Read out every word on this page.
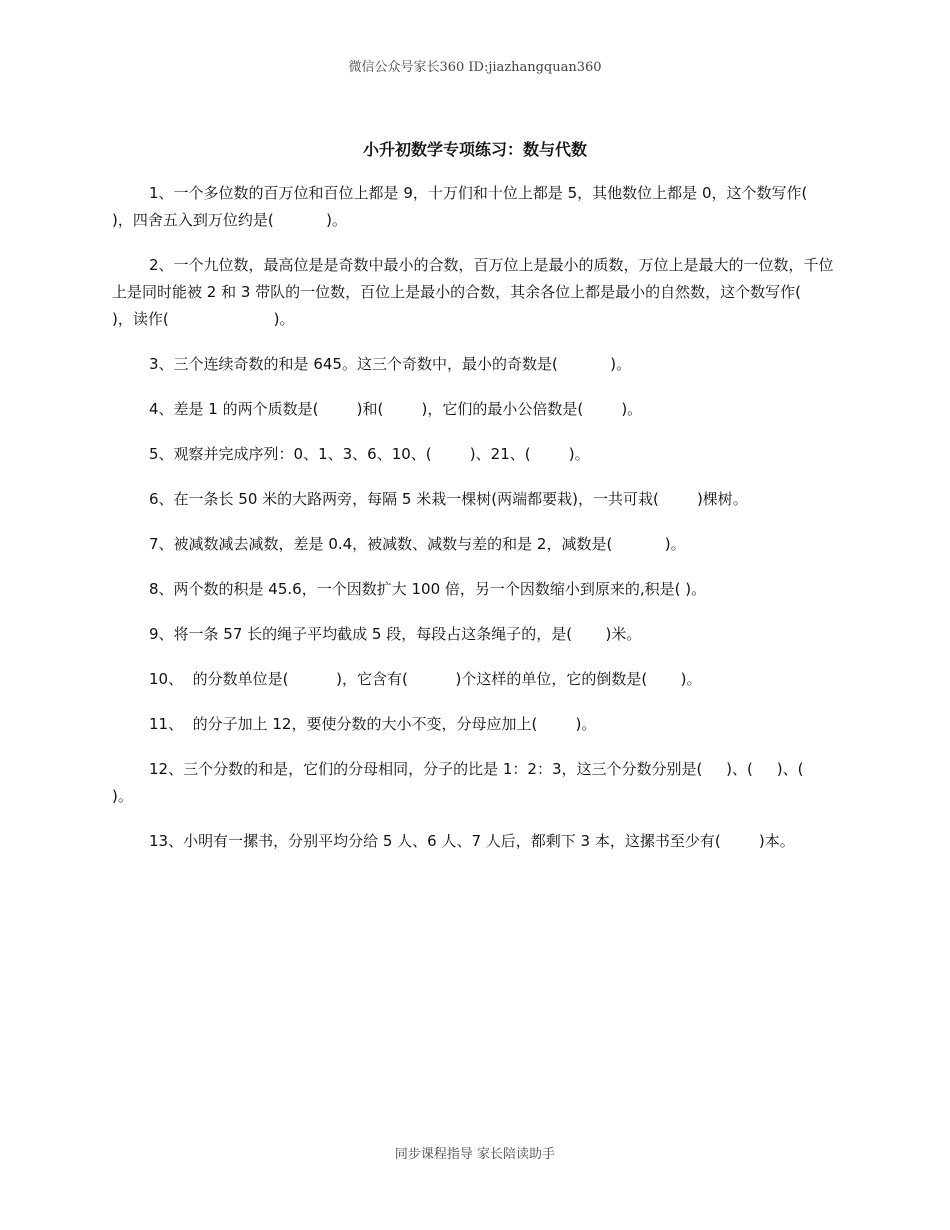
微信公众号家长360 ID:jiazhangquan360
小升初数学专项练习：数与代数

1、一个多位数的百万位和百位上都是 9，十万们和十位上都是 5，其他数位上都是 0，这个数写作(                  )，四舍五入到万位约是(           )。

2、一个九位数，最高位是是奇数中最小的合数，百万位上是最小的质数，万位上是最大的一位数，千位上是同时能被 2 和 3 带队的一位数，百位上是最小的合数，其余各位上都是最小的自然数，这个数写作(              )，读作(                      )。

3、三个连续奇数的和是 645。这三个奇数中，最小的奇数是(           )。

4、差是 1 的两个质数是(        )和(        )，它们的最小公倍数是(        )。

5、观察并完成序列：0、1、3、6、10、(        )、21、(        )。

6、在一条长 50 米的大路两旁，每隔 5 米栽一棵树(两端都要栽)，一共可栽(        )棵树。

7、被减数减去减数，差是 0.4，被减数、减数与差的和是 2，减数是(           )。

8、两个数的积是 45.6，一个因数扩大 100 倍，另一个因数缩小到原来的,积是( )。

9、将一条 57 长的绳子平均截成 5 段，每段占这条绳子的，是(       )米。

10、  的分数单位是(          )，它含有(          )个这样的单位，它的倒数是(       )。

11、  的分子加上 12，要使分数的大小不变，分母应加上(        )。

12、三个分数的和是，它们的分母相同，分子的比是 1：2：3，这三个分数分别是(     )、(     )、(    )。

13、小明有一摞书，分别平均分给 5 人、6 人、7 人后，都剩下 3 本，这摞书至少有(        )本。

同步课程指导 家长陪读助手
